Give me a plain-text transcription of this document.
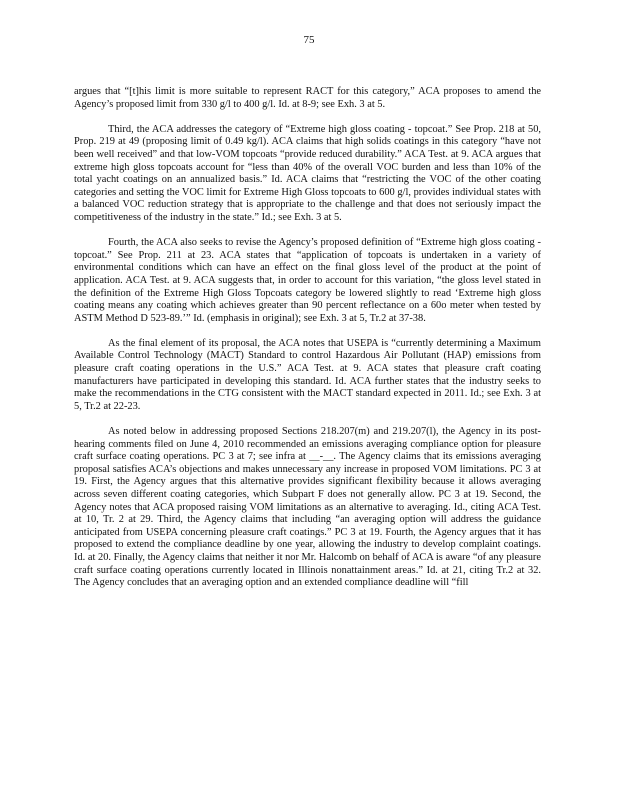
75

argues that “[t]his limit is more suitable to represent RACT for this category,” ACA proposes to amend the Agency’s proposed limit from 330 g/l to 400 g/l. Id. at 8-9; see Exh. 3 at 5.

Third, the ACA addresses the category of “Extreme high gloss coating - topcoat.” See Prop. 218 at 50, Prop. 219 at 49 (proposing limit of 0.49 kg/l). ACA claims that high solids coatings in this category “have not been well received” and that low-VOM topcoats “provide reduced durability.” ACA Test. at 9. ACA argues that extreme high gloss topcoats account for “less than 40% of the overall VOC burden and less than 10% of the total yacht coatings on an annualized basis.” Id. ACA claims that “restricting the VOC of the other coating categories and setting the VOC limit for Extreme High Gloss topcoats to 600 g/l, provides individual states with a balanced VOC reduction strategy that is appropriate to the challenge and that does not seriously impact the competitiveness of the industry in the state.” Id.; see Exh. 3 at 5.

Fourth, the ACA also seeks to revise the Agency’s proposed definition of “Extreme high gloss coating - topcoat.” See Prop. 211 at 23. ACA states that “application of topcoats is undertaken in a variety of environmental conditions which can have an effect on the final gloss level of the product at the point of application. ACA Test. at 9. ACA suggests that, in order to account for this variation, “the gloss level stated in the definition of the Extreme High Gloss Topcoats category be lowered slightly to read ‘Extreme high gloss coating means any coating which achieves greater than 90 percent reflectance on a 60o meter when tested by ASTM Method D 523-89.’” Id. (emphasis in original); see Exh. 3 at 5, Tr.2 at 37-38.

As the final element of its proposal, the ACA notes that USEPA is “currently determining a Maximum Available Control Technology (MACT) Standard to control Hazardous Air Pollutant (HAP) emissions from pleasure craft coating operations in the U.S.” ACA Test. at 9. ACA states that pleasure craft coating manufacturers have participated in developing this standard. Id. ACA further states that the industry seeks to make the recommendations in the CTG consistent with the MACT standard expected in 2011. Id.; see Exh. 3 at 5, Tr.2 at 22-23.

As noted below in addressing proposed Sections 218.207(m) and 219.207(l), the Agency in its post-hearing comments filed on June 4, 2010 recommended an emissions averaging compliance option for pleasure craft surface coating operations. PC 3 at 7; see infra at __-__. The Agency claims that its emissions averaging proposal satisfies ACA’s objections and makes unnecessary any increase in proposed VOM limitations. PC 3 at 19. First, the Agency argues that this alternative provides significant flexibility because it allows averaging across seven different coating categories, which Subpart F does not generally allow. PC 3 at 19. Second, the Agency notes that ACA proposed raising VOM limitations as an alternative to averaging. Id., citing ACA Test. at 10, Tr. 2 at 29. Third, the Agency claims that including “an averaging option will address the guidance anticipated from USEPA concerning pleasure craft coatings.” PC 3 at 19. Fourth, the Agency argues that it has proposed to extend the compliance deadline by one year, allowing the industry to develop complaint coatings. Id. at 20. Finally, the Agency claims that neither it nor Mr. Halcomb on behalf of ACA is aware “of any pleasure craft surface coating operations currently located in Illinois nonattainment areas.” Id. at 21, citing Tr.2 at 32. The Agency concludes that an averaging option and an extended compliance deadline will “fill
